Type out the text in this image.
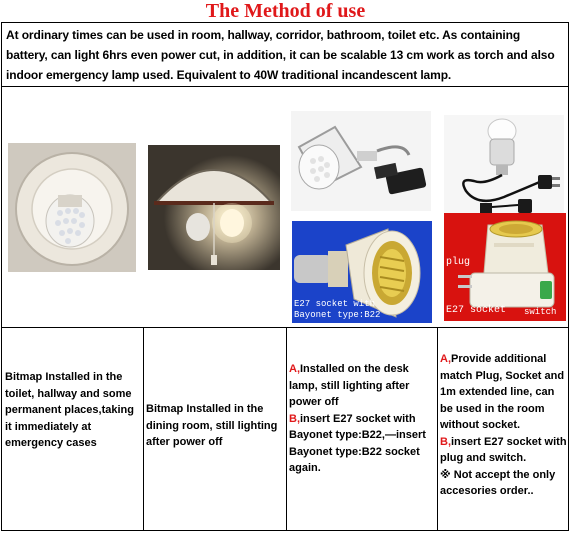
The Method of use
At ordinary times can be used in room, hallway, corridor, bathroom, toilet etc. As containing battery, can light 6hrs even power cut, in addition, it can be scalable 13 cm work as torch and also indoor emergency lamp used. Equivalent to 40W traditional incandescent lamp.
E27 socket with
Bayonet type:B22
plug
E27 socket switch
Bitmap Installed in the toilet, hallway and some permanent places,taking it immediately at emergency cases
Bitmap Installed in the dining room, still lighting after power off
A,Installed on the desk lamp, still lighting after power off
B,insert E27 socket with Bayonet type:B22,—insert Bayonet type:B22 socket again.
A,Provide additional match Plug, Socket and 1m extended line, can be used in the room without socket.
B,insert E27 socket with plug and switch.
※ Not accept the only accesories order..
